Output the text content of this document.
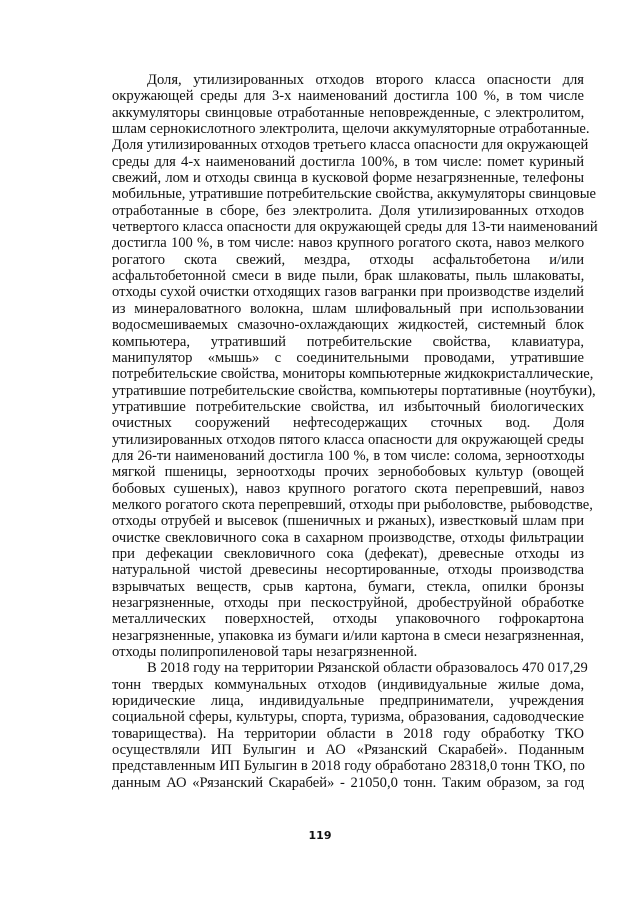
Доля, утилизированных отходов второго класса опасности для
окружающей среды для 3-х наименований достигла 100 %, в том числе
аккумуляторы свинцовые отработанные неповрежденные, с электролитом,
шлам сернокислотного электролита, щелочи аккумуляторные отработанные.
Доля утилизированных отходов третьего класса опасности для окружающей
среды для 4-х наименований достигла 100%, в том числе: помет куриный
свежий, лом и отходы свинца в кусковой форме незагрязненные, телефоны
мобильные, утратившие потребительские свойства, аккумуляторы свинцовые
отработанные в сборе, без электролита. Доля утилизированных отходов
четвертого класса опасности для окружающей среды для 13-ти наименований
достигла 100 %, в том числе: навоз крупного рогатого скота, навоз мелкого
рогатого скота свежий, мездра, отходы асфальтобетона и/или
асфальтобетонной смеси в виде пыли, брак шлаковаты, пыль шлаковаты,
отходы сухой очистки отходящих газов вагранки при производстве изделий
из минераловатного волокна, шлам шлифовальный при использовании
водосмешиваемых смазочно-охлаждающих жидкостей, системный блок
компьютера, утративший потребительские свойства, клавиатура,
манипулятор «мышь» с соединительными проводами, утратившие
потребительские свойства, мониторы компьютерные жидкокристаллические,
утратившие потребительские свойства, компьютеры портативные (ноутбуки),
утратившие потребительские свойства, ил избыточный биологических
очистных сооружений нефтесодержащих сточных вод. Доля
утилизированных отходов пятого класса опасности для окружающей среды
для 26-ти наименований достигла 100 %, в том числе: солома, зерноотходы
мягкой пшеницы, зерноотходы прочих зернобобовых культур (овощей
бобовых сушеных), навоз крупного рогатого скота перепревший, навоз
мелкого рогатого скота перепревший, отходы при рыболовстве, рыбоводстве,
отходы отрубей и высевок (пшеничных и ржаных), известковый шлам при
очистке свекловичного сока в сахарном производстве, отходы фильтрации
при дефекации свекловичного сока (дефекат), древесные отходы из
натуральной чистой древесины несортированные, отходы производства
взрывчатых веществ, срыв картона, бумаги, стекла, опилки бронзы
незагрязненные, отходы при пескоструйной, дробеструйной обработке
металлических поверхностей, отходы упаковочного гофрокартона
незагрязненные, упаковка из бумаги и/или картона в смеси незагрязненная,
отходы полипропиленовой тары незагрязненной.
В 2018 году на территории Рязанской области образовалось 470 017,29
тонн твердых коммунальных отходов (индивидуальные жилые дома,
юридические лица, индивидуальные предприниматели, учреждения
социальной сферы, культуры, спорта, туризма, образования, садоводческие
товарищества). На территории области в 2018 году обработку ТКО
осуществляли ИП Булыгин и АО «Рязанский Скарабей». Поданным
представленным ИП Булыгин в 2018 году обработано 28318,0 тонн ТКО, по
данным АО «Рязанский Скарабей» - 21050,0 тонн. Таким образом, за год
119
